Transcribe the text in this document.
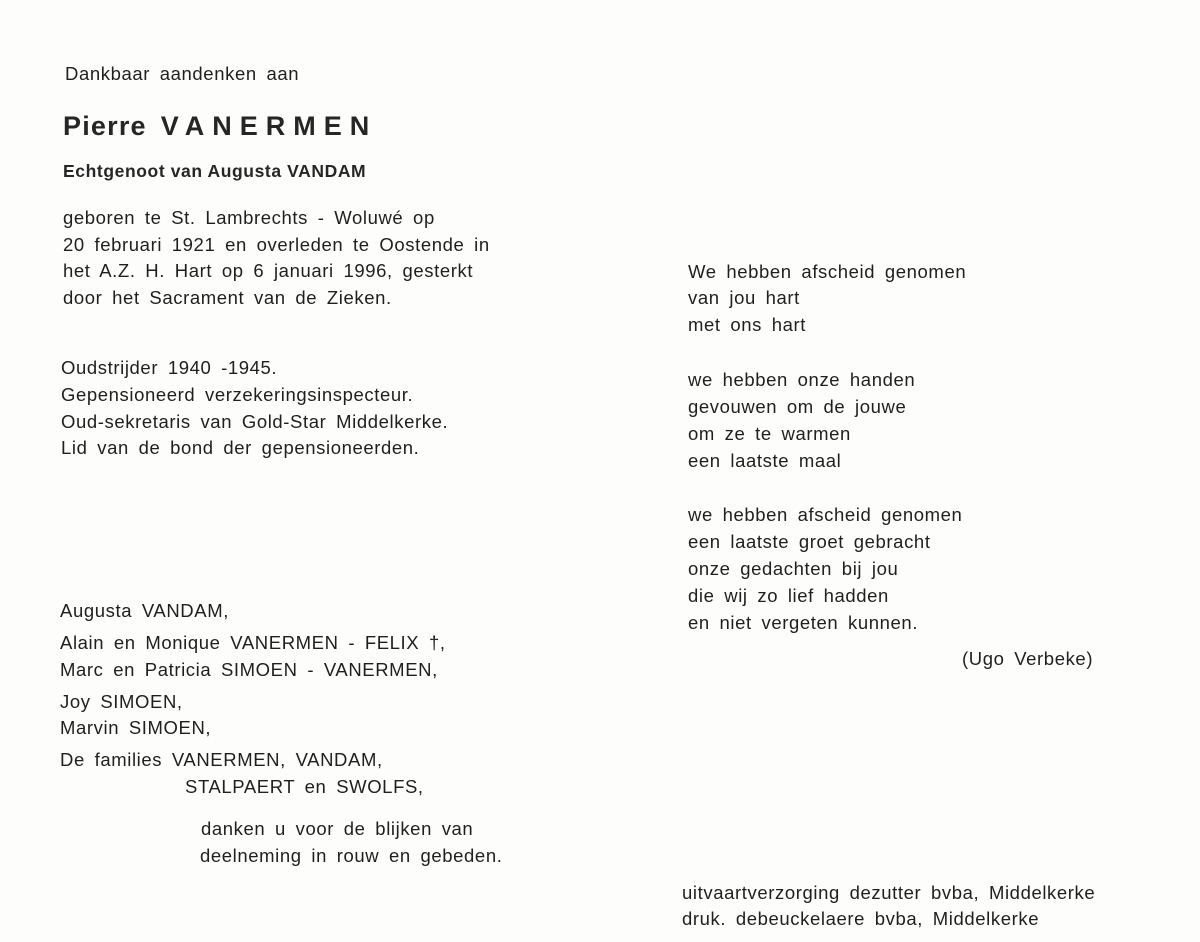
Dankbaar aandenken aan
Pierre VANERMEN
Echtgenoot van Augusta VANDAM
geboren te St. Lambrechts - Woluwé op
20 februari 1921 en overleden te Oostende in
het A.Z. H. Hart op 6 januari 1996, gesterkt
door het Sacrament van de Zieken.
Oudstrijder 1940 -1945.
Gepensioneerd verzekeringsinspecteur.
Oud-sekretaris van Gold-Star Middelkerke.
Lid van de bond der gepensioneerden.
Augusta VANDAM,
Alain en Monique VANERMEN - FELIX †,
Marc en Patricia SIMOEN - VANERMEN,
Joy SIMOEN,
Marvin SIMOEN,
De families VANERMEN, VANDAM,
STALPAERT en SWOLFS,
danken u voor de blijken van
deelneming in rouw en gebeden.
We hebben afscheid genomen
van jou hart
met ons hart
we hebben onze handen
gevouwen om de jouwe
om ze te warmen
een laatste maal
we hebben afscheid genomen
een laatste groet gebracht
onze gedachten bij jou
die wij zo lief hadden
en niet vergeten kunnen.
(Ugo Verbeke)
uitvaartverzorging dezutter bvba, Middelkerke
druk. debeuckelaere bvba, Middelkerke
